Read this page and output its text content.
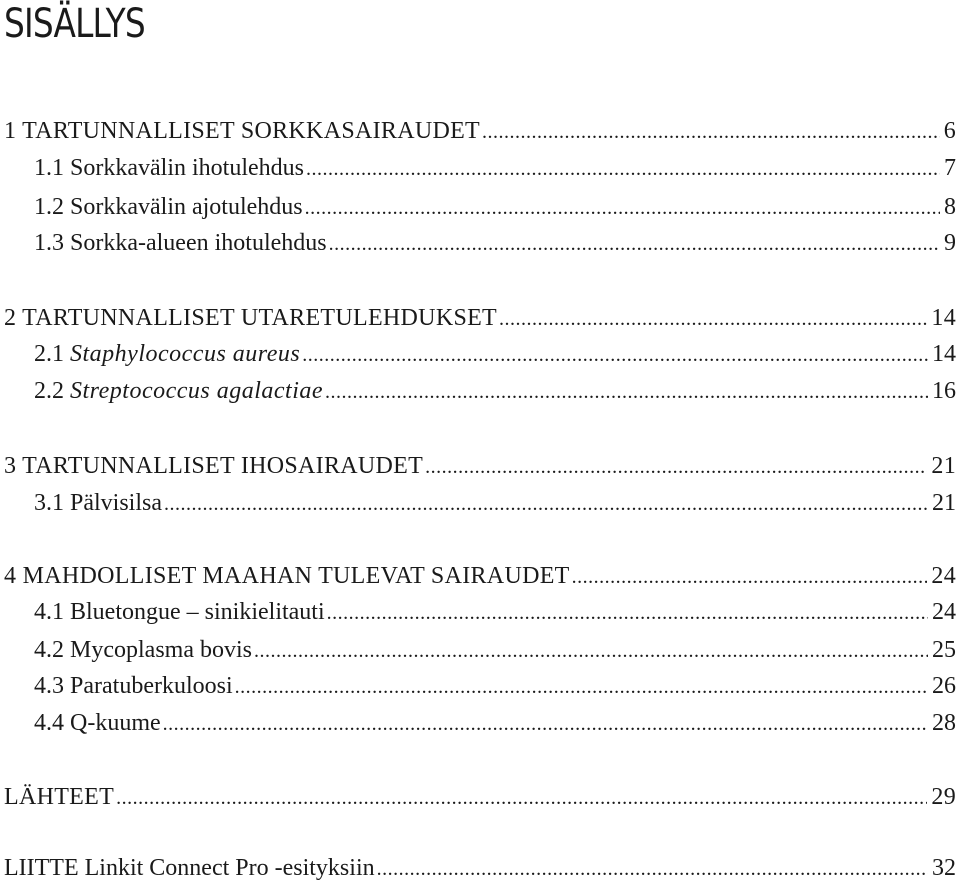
SISÄLLYS
1 TARTUNNALLISET SORKKASAIRAUDET .....	6
1.1 Sorkkavälin ihotulehdus .....	7
1.2 Sorkkavälin ajotulehdus .....	8
1.3 Sorkka-alueen ihotulehdus .....	9
2 TARTUNNALLISET UTARETULEHDUKSET .....	14
2.1 Staphylococcus aureus .....	14
2.2 Streptococcus agalactiae .....	16
3 TARTUNNALLISET IHOSAIRAUDET .....	21
3.1 Pälvisilsa .....	21
4 MAHDOLLISET MAAHAN TULEVAT SAIRAUDET .....	24
4.1 Bluetongue – sinikielitauti .....	24
4.2 Mycoplasma bovis .....	25
4.3 Paratuberkuloosi .....	26
4.4 Q-kuume .....	28
LÄHTEET .....	29
LIITTE Linkit Connect Pro -esityksiin .....	32
